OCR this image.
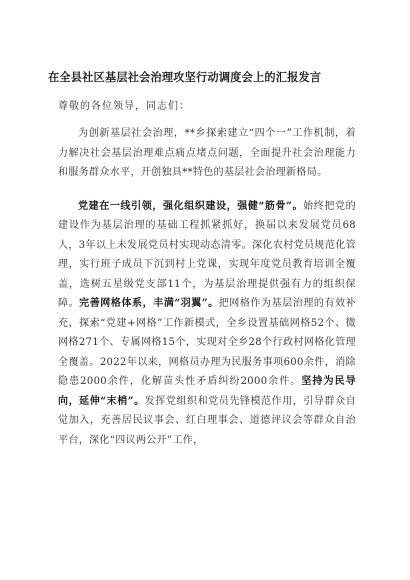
在全县社区基层社会治理攻坚行动调度会上的汇报发言
尊敬的各位领导，同志们：

为创新基层社会治理，**乡探索建立“四个一”工作机制，着力解决社会基层治理难点痛点堵点问题，全面提升社会治理能力和服务群众水平，开创独具**特色的基层社会治理新格局。

党建在一线引领，强化组织建设，强健“筋骨”。始终把党的建设作为基层治理的基础工程抓紧抓好，换届以来发展党员68人，3年以上未发展党员村实现动态清零。深化农村党员规范化管理，实行班子成员下沉到村上党课，实现年度党员教育培训全覆盖，选树五星级党支部11个，为基层治理提供强有力的组织保障。完善网格体系，丰满“羽翼”。把网格作为基层治理的有效补充，探索“党建+网格”工作新模式，全乡设置基础网格52个、微网格271个、专属网格15个，实现对全乡28个行政村网格化管理全覆盖。2022年以来，网格员办理为民服务事项600余件，消除隐患2000余件，化解苗头性矛盾纠纷2000余件。坚持为民导向，延伸“末梢”。发挥党组织和党员先锋模范作用，引导群众自觉加入，充善居民议事会、红白理事会、道德评议会等群众自治平台，深化“四议两公开”工作，
